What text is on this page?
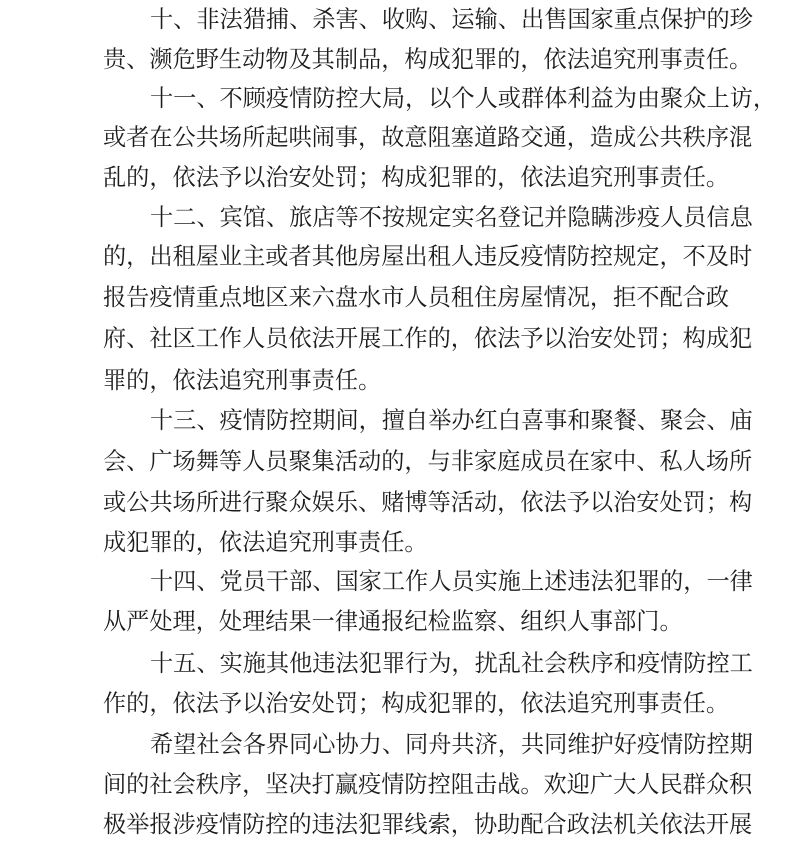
十、非法猎捕、杀害、收购、运输、出售国家重点保护的珍
贵、濒危野生动物及其制品，构成犯罪的，依法追究刑事责任。
十一、不顾疫情防控大局，以个人或群体利益为由聚众上访，
或者在公共场所起哄闹事，故意阻塞道路交通，造成公共秩序混
乱的，依法予以治安处罚；构成犯罪的，依法追究刑事责任。
十二、宾馆、旅店等不按规定实名登记并隐瞒涉疫人员信息
的，出租屋业主或者其他房屋出租人违反疫情防控规定，不及时
报告疫情重点地区来六盘水市人员租住房屋情况，拒不配合政
府、社区工作人员依法开展工作的，依法予以治安处罚；构成犯
罪的，依法追究刑事责任。
十三、疫情防控期间，擅自举办红白喜事和聚餐、聚会、庙
会、广场舞等人员聚集活动的，与非家庭成员在家中、私人场所
或公共场所进行聚众娱乐、赌博等活动，依法予以治安处罚；构
成犯罪的，依法追究刑事责任。
十四、党员干部、国家工作人员实施上述违法犯罪的，一律
从严处理，处理结果一律通报纪检监察、组织人事部门。
十五、实施其他违法犯罪行为，扰乱社会秩序和疫情防控工
作的，依法予以治安处罚；构成犯罪的，依法追究刑事责任。
希望社会各界同心协力、同舟共济，共同维护好疫情防控期
间的社会秩序，坚决打赢疫情防控阻击战。欢迎广大人民群众积
极举报涉疫情防控的违法犯罪线索，协助配合政法机关依法开展
